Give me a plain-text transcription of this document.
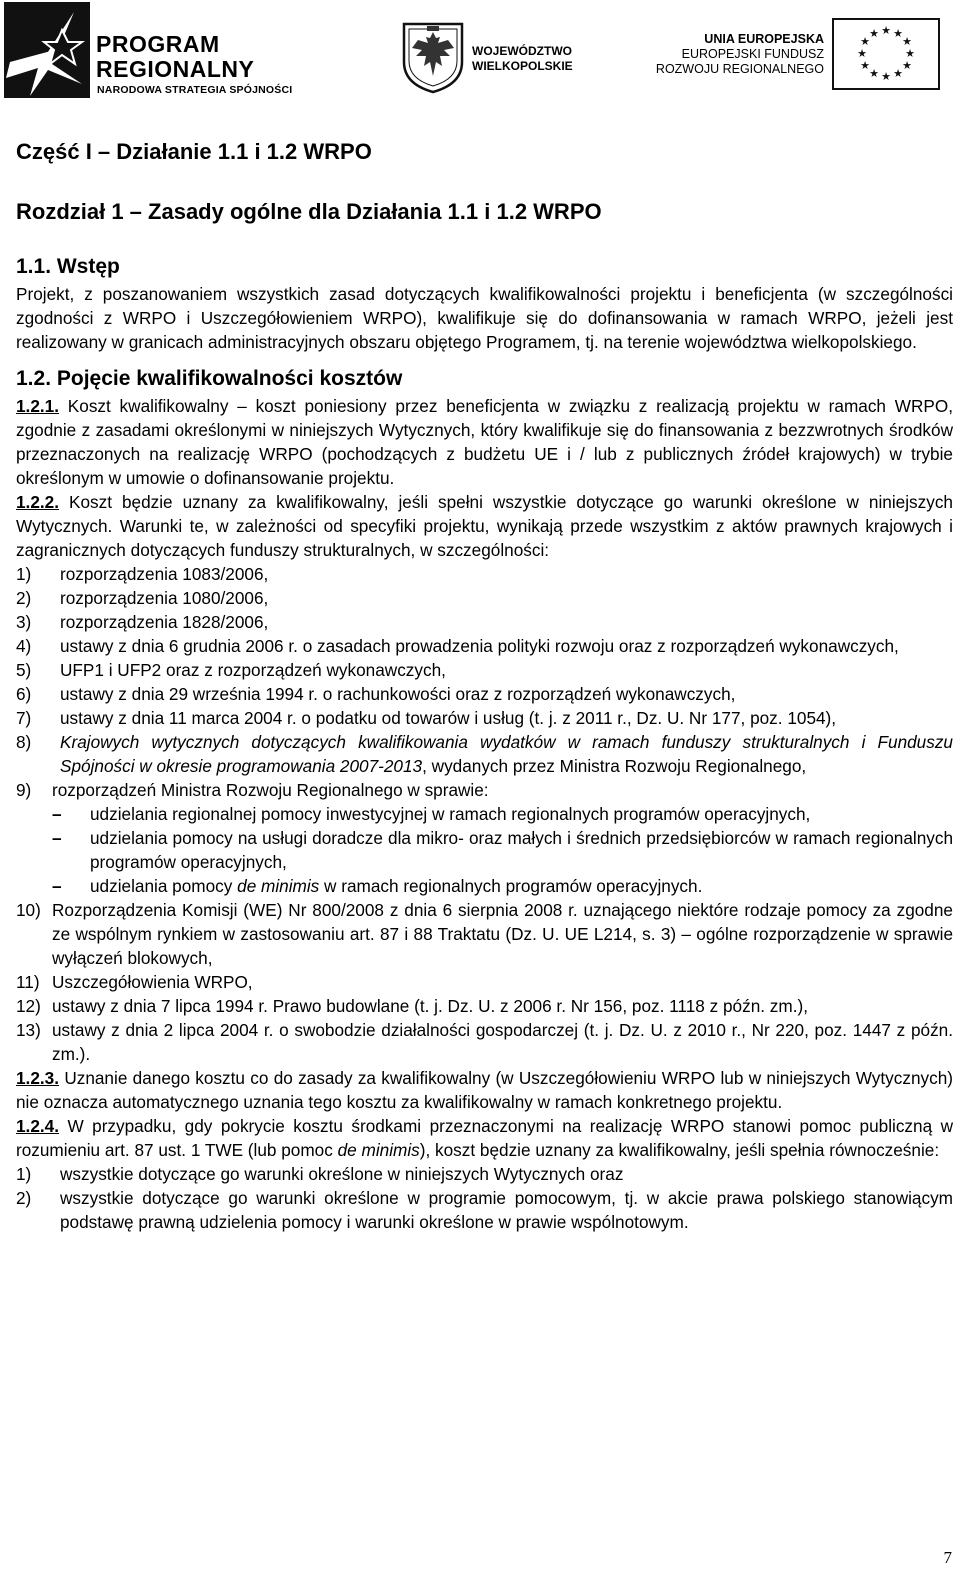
PROGRAM
REGIONALNY
NARODOWA STRATEGIA SPÓJNOŚCI
WOJEWÓDZTWO
WIELKOPOLSKIE
UNIA EUROPEJSKA
EUROPEJSKI FUNDUSZ
ROZWOJU REGIONALNEGO
★ ★
★
★
★
★
★
★
★
★
★
★
Część I – Działanie 1.1 i 1.2 WRPO
Rozdział 1 – Zasady ogólne dla Działania 1.1 i 1.2 WRPO
1.1. Wstęp

Projekt, z poszanowaniem wszystkich zasad dotyczących kwalifikowalności projektu i beneficjenta (w szczególności zgodności z WRPO i Uszczegółowieniem WRPO), kwalifikuje się do dofinansowania w ramach WRPO, jeżeli jest realizowany w granicach administracyjnych obszaru objętego Programem, tj. na terenie województwa wielkopolskiego.

1.2. Pojęcie kwalifikowalności kosztów

1.2.1. Koszt kwalifikowalny – koszt poniesiony przez beneficjenta w związku z realizacją projektu w ramach WRPO, zgodnie z zasadami określonymi w niniejszych Wytycznych, który kwalifikuje się do finansowania z bezzwrotnych środków przeznaczonych na realizację WRPO (pochodzących z budżetu UE i / lub z publicznych źródeł krajowych) w trybie określonym w umowie o dofinansowanie projektu.

1.2.2. Koszt będzie uznany za kwalifikowalny, jeśli spełni wszystkie dotyczące go warunki określone w niniejszych Wytycznych. Warunki te, w zależności od specyfiki projektu, wynikają przede wszystkim z aktów prawnych krajowych i zagranicznych dotyczących funduszy strukturalnych, w szczególności:

1) rozporządzenia 1083/2006,
2) rozporządzenia 1080/2006,
3) rozporządzenia 1828/2006,
4) ustawy z dnia 6 grudnia 2006 r. o zasadach prowadzenia polityki rozwoju oraz z rozporządzeń wykonawczych,
5) UFP1 i UFP2 oraz z rozporządzeń wykonawczych,
6) ustawy z dnia 29 września 1994 r. o rachunkowości oraz z rozporządzeń wykonawczych,
7) ustawy z dnia 11 marca 2004 r. o podatku od towarów i usług (t. j. z 2011 r., Dz. U. Nr 177, poz. 1054),
8) Krajowych wytycznych dotyczących kwalifikowania wydatków w ramach funduszy strukturalnych i Funduszu Spójności w okresie programowania 2007-2013, wydanych przez Ministra Rozwoju Regionalnego,
9) rozporządzeń Ministra Rozwoju Regionalnego w sprawie:
– udzielania regionalnej pomocy inwestycyjnej w ramach regionalnych programów operacyjnych,
– udzielania pomocy na usługi doradcze dla mikro- oraz małych i średnich przedsiębiorców w ramach regionalnych programów operacyjnych,
– udzielania pomocy de minimis w ramach regionalnych programów operacyjnych.
10) Rozporządzenia Komisji (WE) Nr 800/2008 z dnia 6 sierpnia 2008 r. uznającego niektóre rodzaje pomocy za zgodne ze wspólnym rynkiem w zastosowaniu art. 87 i 88 Traktatu (Dz. U. UE L214, s. 3) – ogólne rozporządzenie w sprawie wyłączeń blokowych,
11) Uszczegółowienia WRPO,
12) ustawy z dnia 7 lipca 1994 r. Prawo budowlane (t. j. Dz. U. z 2006 r. Nr 156, poz. 1118 z późn. zm.),
13) ustawy z dnia 2 lipca 2004 r. o swobodzie działalności gospodarczej (t. j. Dz. U. z 2010 r., Nr 220, poz. 1447 z późn. zm.).

1.2.3. Uznanie danego kosztu co do zasady za kwalifikowalny (w Uszczegółowieniu WRPO lub w niniejszych Wytycznych) nie oznacza automatycznego uznania tego kosztu za kwalifikowalny w ramach konkretnego projektu.

1.2.4. W przypadku, gdy pokrycie kosztu środkami przeznaczonymi na realizację WRPO stanowi pomoc publiczną w rozumieniu art. 87 ust. 1 TWE (lub pomoc de minimis), koszt będzie uznany za kwalifikowalny, jeśli spełnia równocześnie:

1) wszystkie dotyczące go warunki określone w niniejszych Wytycznych oraz
2) wszystkie dotyczące go warunki określone w programie pomocowym, tj. w akcie prawa polskiego stanowiącym podstawę prawną udzielenia pomocy i warunki określone w prawie wspólnotowym.
7
